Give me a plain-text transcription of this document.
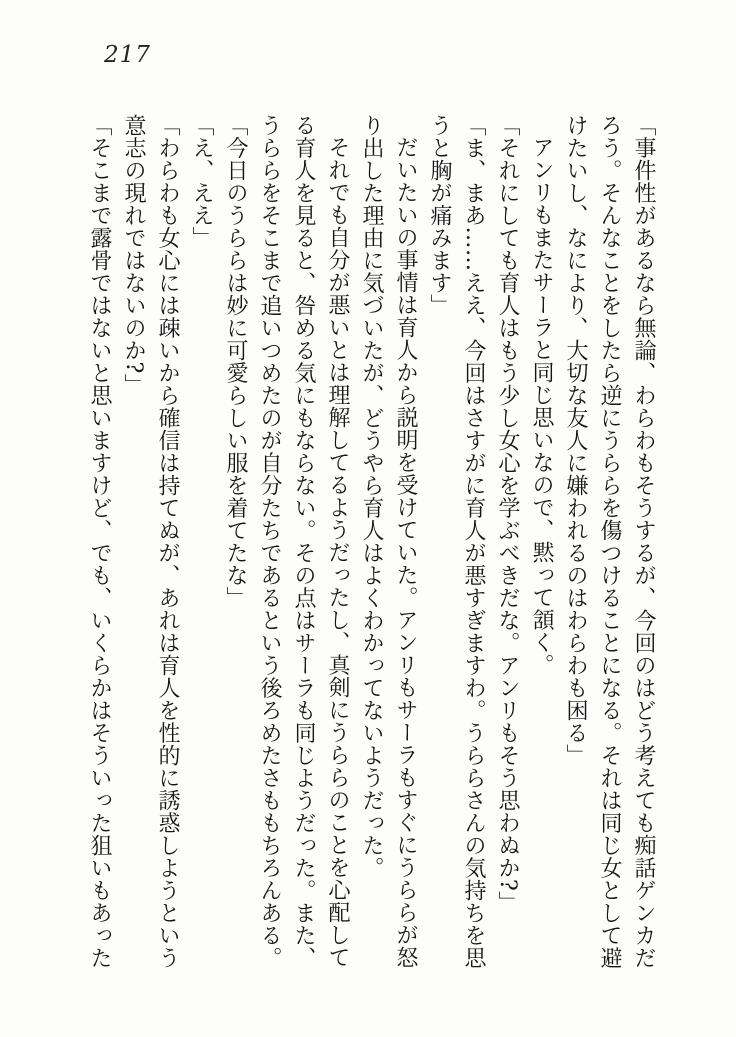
217

「事件性があるなら無論、わらわもそうするが、今回のはどう考えても痴話ゲンカだ

ろう。そんなことをしたら逆にうららを傷つけることになる。それは同じ女として避

けたいし、なにより、大切な友人に嫌われるのはわらわも困る」

アンリもまたサーラと同じ思いなので、黙って頷く。

「それにしても育人はもう少し女心を学ぶべきだな。アンリもそう思わぬか?」

「ま、まあ……ええ、今回はさすがに育人が悪すぎますわ。うららさんの気持ちを思

うと胸が痛みます」

だいたいの事情は育人から説明を受けていた。アンリもサーラもすぐにうららが怒

り出した理由に気づいたが、どうやら育人はよくわかってないようだった。

それでも自分が悪いとは理解してるようだったし、真剣にうららのことを心配して

る育人を見ると、咎める気にもならない。その点はサーラも同じようだった。また、

うららをそこまで追いつめたのが自分たちであるという後ろめたさももちろんある。

「今日のうららは妙に可愛らしい服を着てたな」

「え、ええ」

「わらわも女心には疎いから確信は持てぬが、あれは育人を性的に誘惑しようという

意志の現れではないのか?」

「そこまで露骨ではないと思いますけど、でも、いくらかはそういった狙いもあった
